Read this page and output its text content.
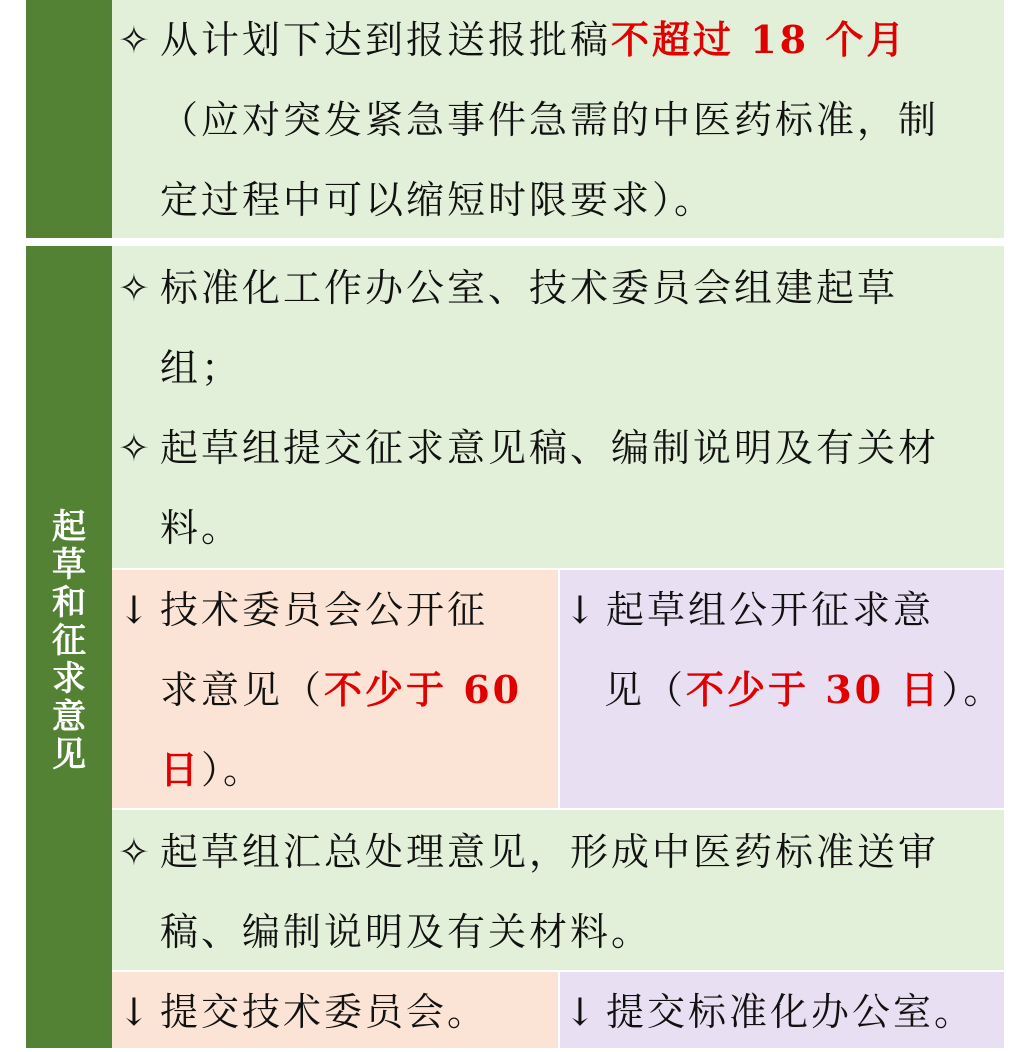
起草和征求意见

✧ 从计划下达到报送报批稿不超过 18 个月

（应对突发紧急事件急需的中医药标准，制

定过程中可以缩短时限要求）。

✧ 标准化工作办公室、技术委员会组建起草

组；

✧ 起草组提交征求意见稿、编制说明及有关材

料。

↓ 技术委员会公开征

求意见（不少于 60

日）。

↓ 起草组公开征求意

见（不少于 30 日）。

✧ 起草组汇总处理意见，形成中医药标准送审

稿、编制说明及有关材料。

↓ 提交技术委员会。 ↓ 提交标准化办公室。
